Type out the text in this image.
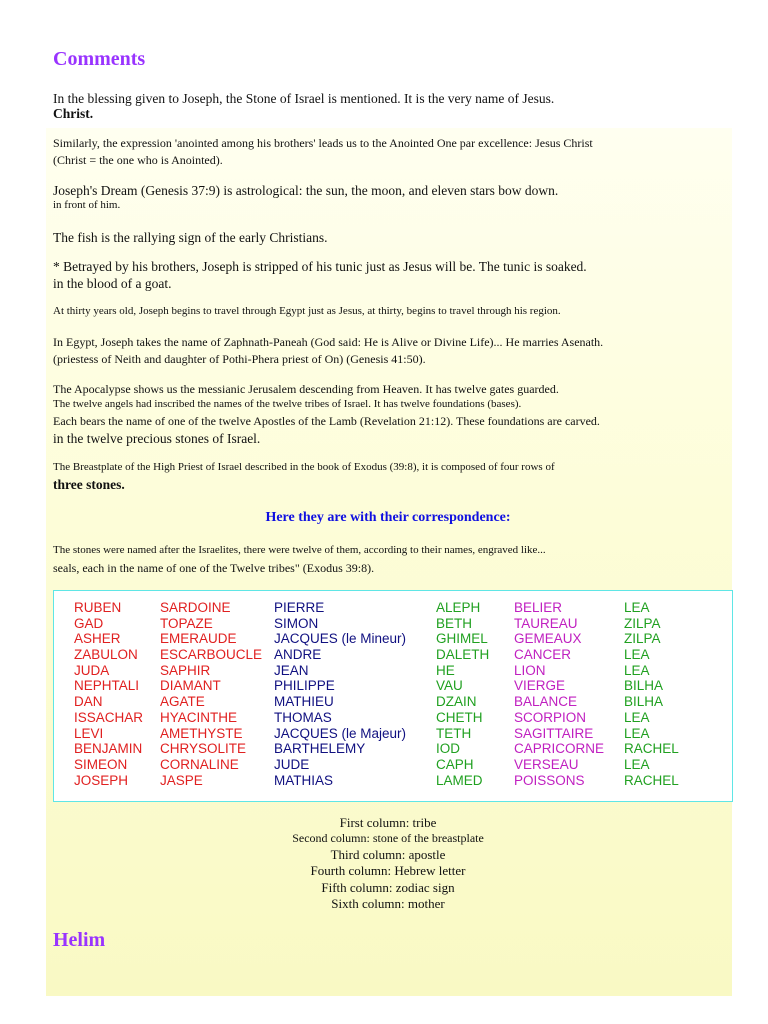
Comments
In the blessing given to Joseph, the Stone of Israel is mentioned. It is the very name of Jesus.
Christ.
Similarly, the expression 'anointed among his brothers' leads us to the Anointed One par excellence: Jesus Christ
(Christ = the one who is Anointed).
Joseph's Dream (Genesis 37:9) is astrological: the sun, the moon, and eleven stars bow down.
in front of him.
The fish is the rallying sign of the early Christians.
* Betrayed by his brothers, Joseph is stripped of his tunic just as Jesus will be. The tunic is soaked.
in the blood of a goat.
At thirty years old, Joseph begins to travel through Egypt just as Jesus, at thirty, begins to travel through his region.
In Egypt, Joseph takes the name of Zaphnath-Paneah (God said: He is Alive or Divine Life)... He marries Asenath.
(priestess of Neith and daughter of Pothi-Phera priest of On) (Genesis 41:50).
The Apocalypse shows us the messianic Jerusalem descending from Heaven. It has twelve gates guarded.
The twelve angels had inscribed the names of the twelve tribes of Israel. It has twelve foundations (bases).
Each bears the name of one of the twelve Apostles of the Lamb (Revelation 21:12). These foundations are carved.
in the twelve precious stones of Israel.
The Breastplate of the High Priest of Israel described in the book of Exodus (39:8), it is composed of four rows of
three stones.
Here they are with their correspondence:
The stones were named after the Israelites, there were twelve of them, according to their names, engraved like...
seals, each in the name of one of the Twelve tribes" (Exodus 39:8).
RUBEN
GAD
ASHER
ZABULON
JUDA
NEPHTALI
DAN
ISSACHAR
LEVI
BENJAMIN
SIMEON
JOSEPH
SARDOINE
TOPAZE
EMERAUDE
ESCARBOUCLE
SAPHIR
DIAMANT
AGATE
HYACINTHE
AMETHYSTE
CHRYSOLITE
CORNALINE
JASPE
PIERRE
SIMON
JACQUES (le Mineur)
ANDRE
JEAN
PHILIPPE
MATHIEU
THOMAS
JACQUES (le Majeur)
BARTHELEMY
JUDE
MATHIAS
ALEPH
BETH
GHIMEL
DALETH
HE
VAU
DZAIN
CHETH
TETH
IOD
CAPH
LAMED
BELIER
TAUREAU
GEMEAUX
CANCER
LION
VIERGE
BALANCE
SCORPION
SAGITTAIRE
CAPRICORNE
VERSEAU
POISSONS
LEA
ZILPA
ZILPA
LEA
LEA
BILHA
BILHA
LEA
LEA
RACHEL
LEA
RACHEL
First column: tribe
Second column: stone of the breastplate
Third column: apostle
Fourth column: Hebrew letter
Fifth column: zodiac sign
Sixth column: mother
Helim
